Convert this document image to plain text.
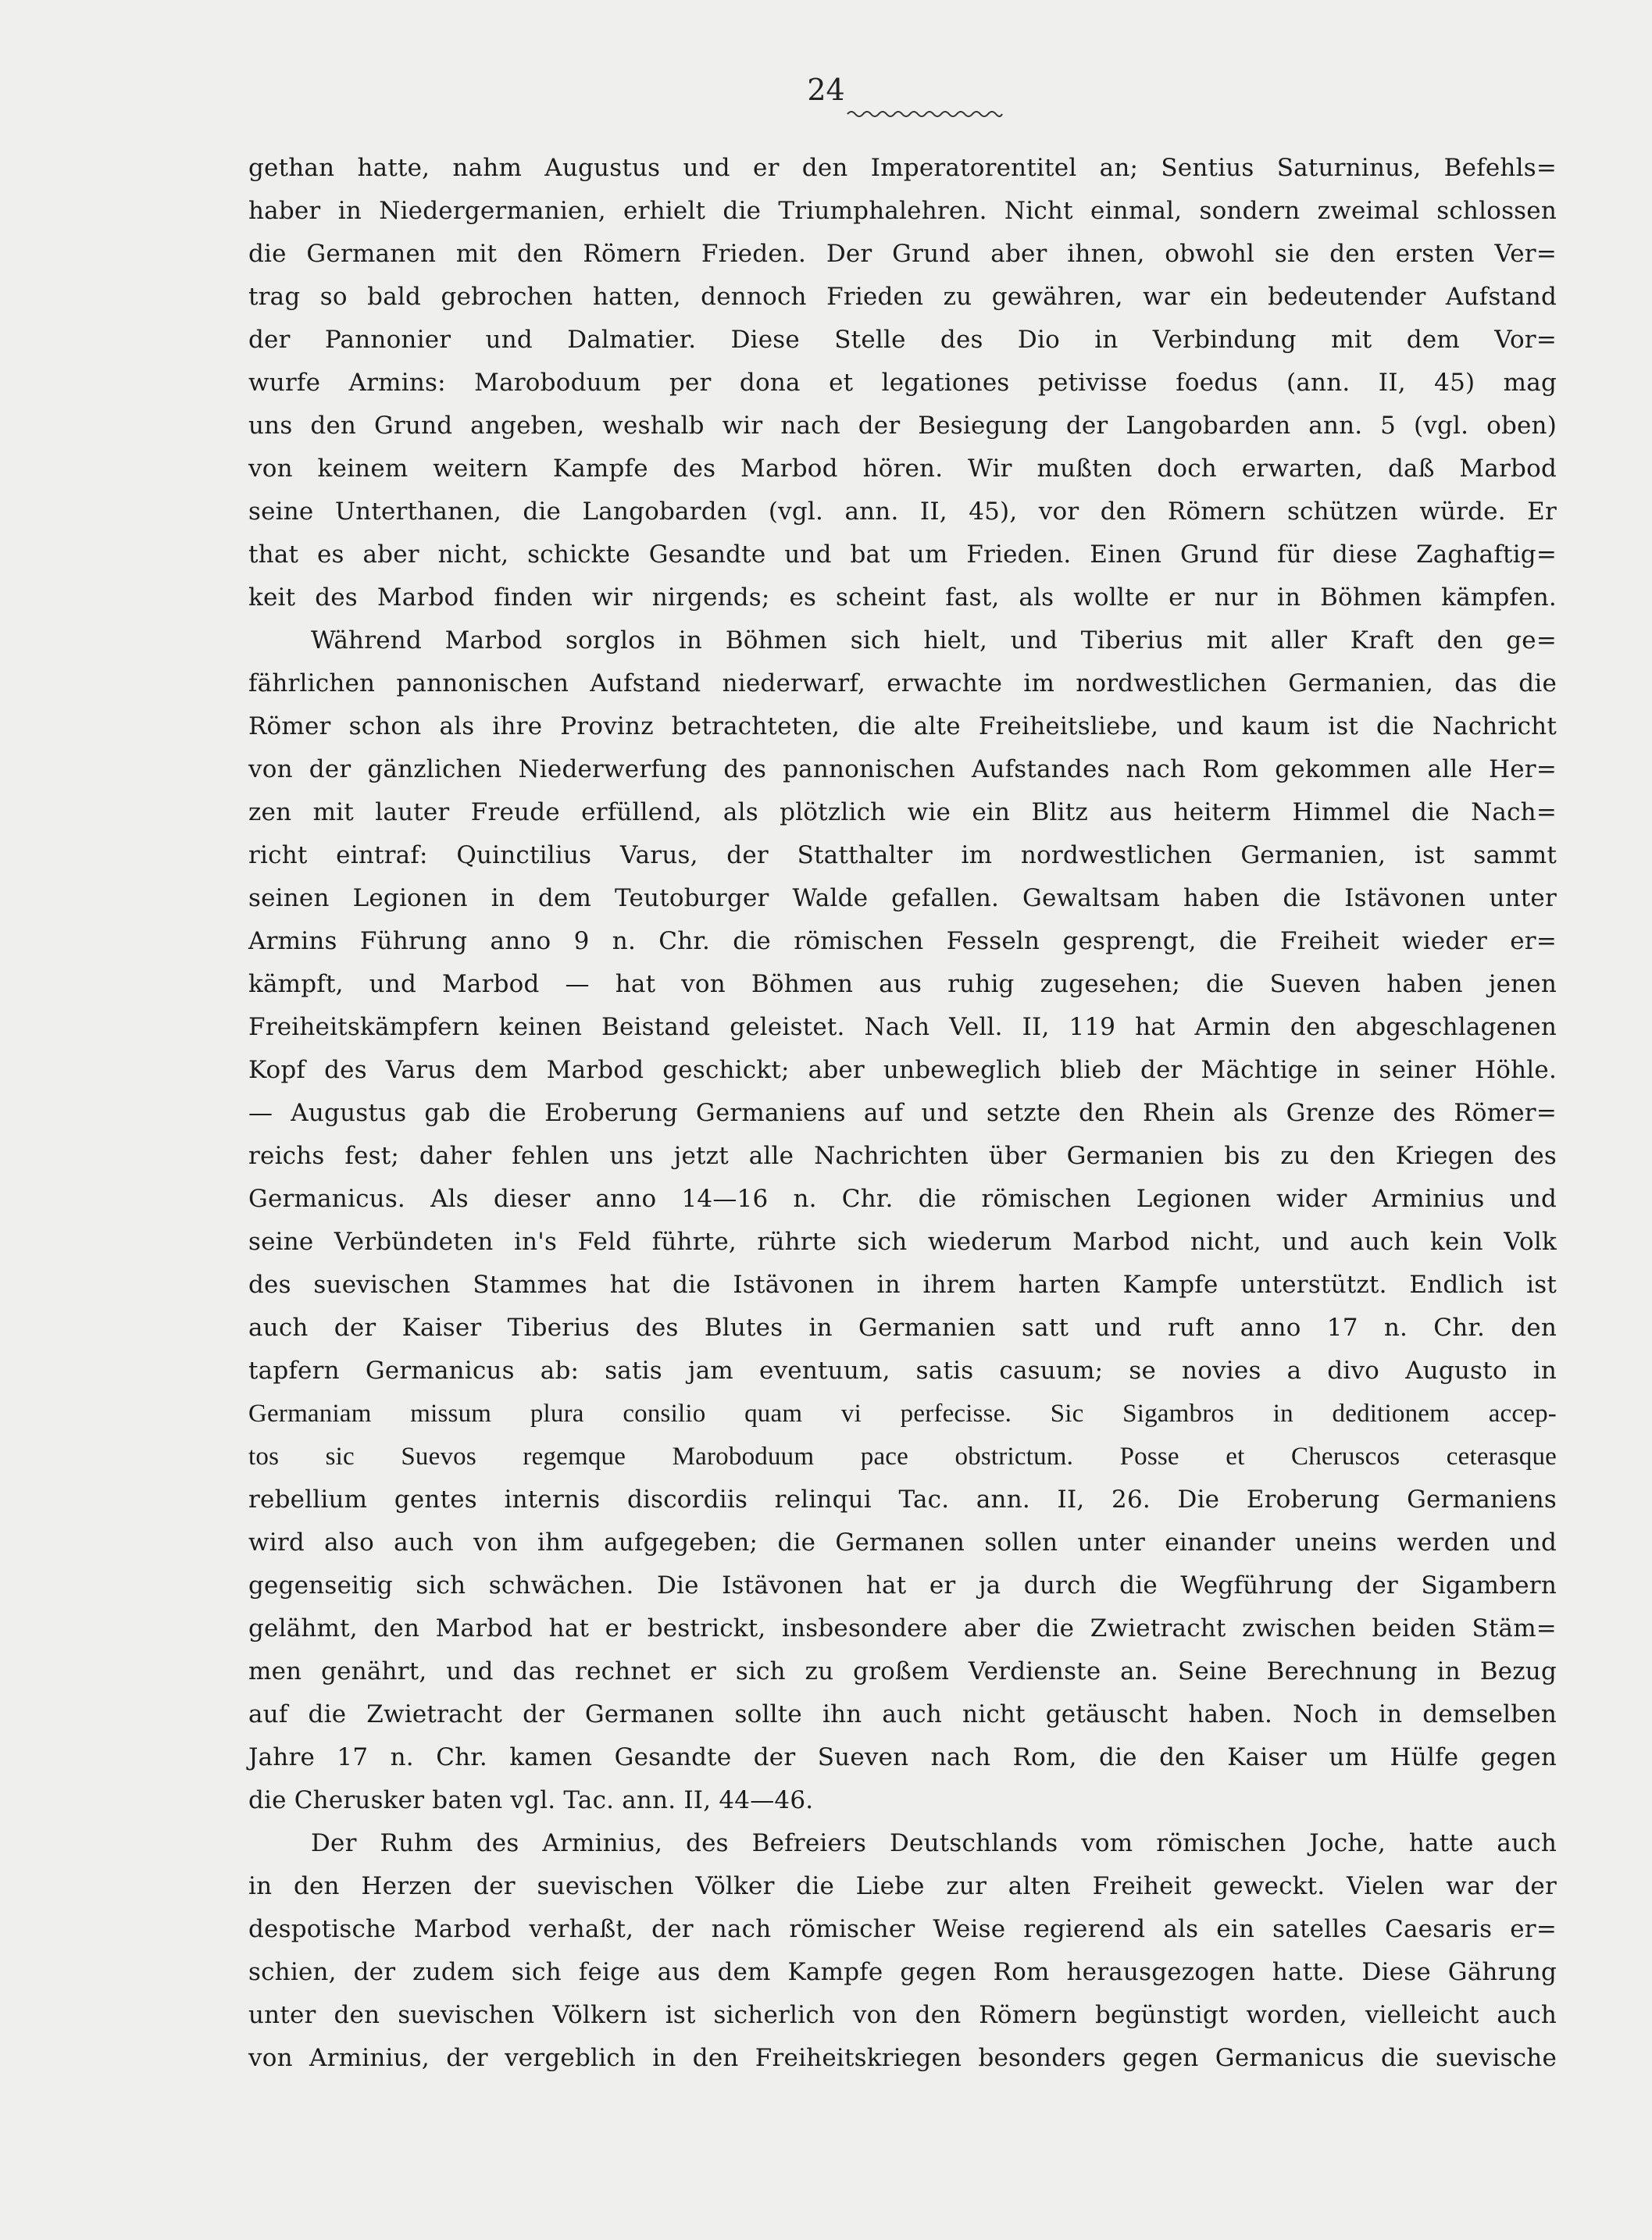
24
gethan hatte, nahm Augustus und er den Imperatorentitel an; Sentius Saturninus, Befehls=
haber in Niedergermanien, erhielt die Triumphalehren. Nicht einmal, sondern zweimal schlossen
die Germanen mit den Römern Frieden. Der Grund aber ihnen, obwohl sie den ersten Ver=
trag so bald gebrochen hatten, dennoch Frieden zu gewähren, war ein bedeutender Aufstand
der Pannonier und Dalmatier. Diese Stelle des Dio in Verbindung mit dem Vor=
wurfe Armins: Maroboduum per dona et legationes petivisse foedus (ann. II, 45) mag
uns den Grund angeben, weshalb wir nach der Besiegung der Langobarden ann. 5 (vgl. oben)
von keinem weitern Kampfe des Marbod hören. Wir mußten doch erwarten, daß Marbod
seine Unterthanen, die Langobarden (vgl. ann. II, 45), vor den Römern schützen würde. Er
that es aber nicht, schickte Gesandte und bat um Frieden. Einen Grund für diese Zaghaftig=
keit des Marbod finden wir nirgends; es scheint fast, als wollte er nur in Böhmen kämpfen.
Während Marbod sorglos in Böhmen sich hielt, und Tiberius mit aller Kraft den ge=
fährlichen pannonischen Aufstand niederwarf, erwachte im nordwestlichen Germanien, das die
Römer schon als ihre Provinz betrachteten, die alte Freiheitsliebe, und kaum ist die Nachricht
von der gänzlichen Niederwerfung des pannonischen Aufstandes nach Rom gekommen alle Her=
zen mit lauter Freude erfüllend, als plötzlich wie ein Blitz aus heiterm Himmel die Nach=
richt eintraf: Quinctilius Varus, der Statthalter im nordwestlichen Germanien, ist sammt
seinen Legionen in dem Teutoburger Walde gefallen. Gewaltsam haben die Istävonen unter
Armins Führung anno 9 n. Chr. die römischen Fesseln gesprengt, die Freiheit wieder er=
kämpft, und Marbod — hat von Böhmen aus ruhig zugesehen; die Sueven haben jenen
Freiheitskämpfern keinen Beistand geleistet. Nach Vell. II, 119 hat Armin den abgeschlagenen
Kopf des Varus dem Marbod geschickt; aber unbeweglich blieb der Mächtige in seiner Höhle.
— Augustus gab die Eroberung Germaniens auf und setzte den Rhein als Grenze des Römer=
reichs fest; daher fehlen uns jetzt alle Nachrichten über Germanien bis zu den Kriegen des
Germanicus. Als dieser anno 14—16 n. Chr. die römischen Legionen wider Arminius und
seine Verbündeten in's Feld führte, rührte sich wiederum Marbod nicht, und auch kein Volk
des suevischen Stammes hat die Istävonen in ihrem harten Kampfe unterstützt. Endlich ist
auch der Kaiser Tiberius des Blutes in Germanien satt und ruft anno 17 n. Chr. den
tapfern Germanicus ab: satis jam eventuum, satis casuum; se novies a divo Augusto in
Germaniam missum plura consilio quam vi perfecisse. Sic Sigambros in deditionem accep-
tos sic Suevos regemque Maroboduum pace obstrictum. Posse et Cheruscos ceterasque
rebellium gentes internis discordiis relinqui Tac. ann. II, 26. Die Eroberung Germaniens
wird also auch von ihm aufgegeben; die Germanen sollen unter einander uneins werden und
gegenseitig sich schwächen. Die Istävonen hat er ja durch die Wegführung der Sigambern
gelähmt, den Marbod hat er bestrickt, insbesondere aber die Zwietracht zwischen beiden Stäm=
men genährt, und das rechnet er sich zu großem Verdienste an. Seine Berechnung in Bezug
auf die Zwietracht der Germanen sollte ihn auch nicht getäuscht haben. Noch in demselben
Jahre 17 n. Chr. kamen Gesandte der Sueven nach Rom, die den Kaiser um Hülfe gegen
die Cherusker baten vgl. Tac. ann. II, 44—46.
Der Ruhm des Arminius, des Befreiers Deutschlands vom römischen Joche, hatte auch
in den Herzen der suevischen Völker die Liebe zur alten Freiheit geweckt. Vielen war der
despotische Marbod verhaßt, der nach römischer Weise regierend als ein satelles Caesaris er=
schien, der zudem sich feige aus dem Kampfe gegen Rom herausgezogen hatte. Diese Gährung
unter den suevischen Völkern ist sicherlich von den Römern begünstigt worden, vielleicht auch
von Arminius, der vergeblich in den Freiheitskriegen besonders gegen Germanicus die suevische
